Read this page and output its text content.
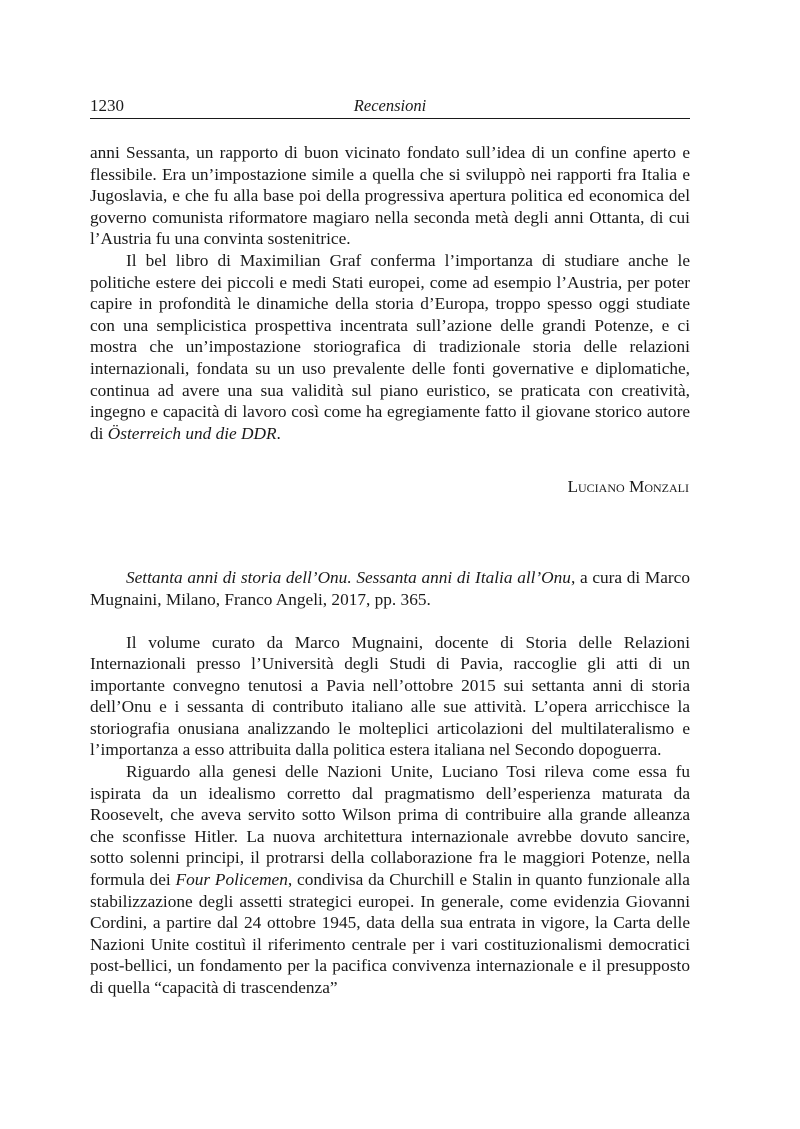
1230	Recensioni

anni Sessanta, un rapporto di buon vicinato fondato sull’idea di un confine aperto e flessibile. Era un’impostazione simile a quella che si sviluppò nei rapporti fra Italia e Jugoslavia, e che fu alla base poi della progressiva apertura politica ed economica del governo comunista riformatore magiaro nella seconda metà degli anni Ottanta, di cui l’Austria fu una convinta sostenitrice.

Il bel libro di Maximilian Graf conferma l’importanza di studiare anche le politiche estere dei piccoli e medi Stati europei, come ad esempio l’Austria, per poter capire in profondità le dinamiche della storia d’Europa, troppo spesso oggi studiate con una semplicistica prospettiva incentrata sull’azione delle grandi Potenze, e ci mostra che un’impostazione storiografica di tradizionale storia delle relazioni internazionali, fondata su un uso prevalente delle fonti governative e diplomatiche, continua ad avere una sua validità sul piano euristico, se praticata con creatività, ingegno e capacità di lavoro così come ha egregiamente fatto il giovane storico autore di Österreich und die DDR.

Luciano Monzali

Settanta anni di storia dell’Onu. Sessanta anni di Italia all’Onu, a cura di Marco Mugnaini, Milano, Franco Angeli, 2017, pp. 365.

Il volume curato da Marco Mugnaini, docente di Storia delle Relazioni Internazionali presso l’Università degli Studi di Pavia, raccoglie gli atti di un importante convegno tenutosi a Pavia nell’ottobre 2015 sui settanta anni di storia dell’Onu e i sessanta di contributo italiano alle sue attività. L’opera arricchisce la storiografia onusiana analizzando le molteplici articolazioni del multilateralismo e l’importanza a esso attribuita dalla politica estera italiana nel Secondo dopoguerra.

Riguardo alla genesi delle Nazioni Unite, Luciano Tosi rileva come essa fu ispirata da un idealismo corretto dal pragmatismo dell’esperienza maturata da Roosevelt, che aveva servito sotto Wilson prima di contribuire alla grande alleanza che sconfisse Hitler. La nuova architettura internazionale avrebbe dovuto sancire, sotto solenni principi, il protrarsi della collaborazione fra le maggiori Potenze, nella formula dei Four Policemen, condivisa da Churchill e Stalin in quanto funzionale alla stabilizzazione degli assetti strategici europei. In generale, come evidenzia Giovanni Cordini, a partire dal 24 ottobre 1945, data della sua entrata in vigore, la Carta delle Nazioni Unite costituì il riferimento centrale per i vari costituzionalismi democratici post-bellici, un fondamento per la pacifica convivenza internazionale e il presupposto di quella “capacità di trascendenza”
